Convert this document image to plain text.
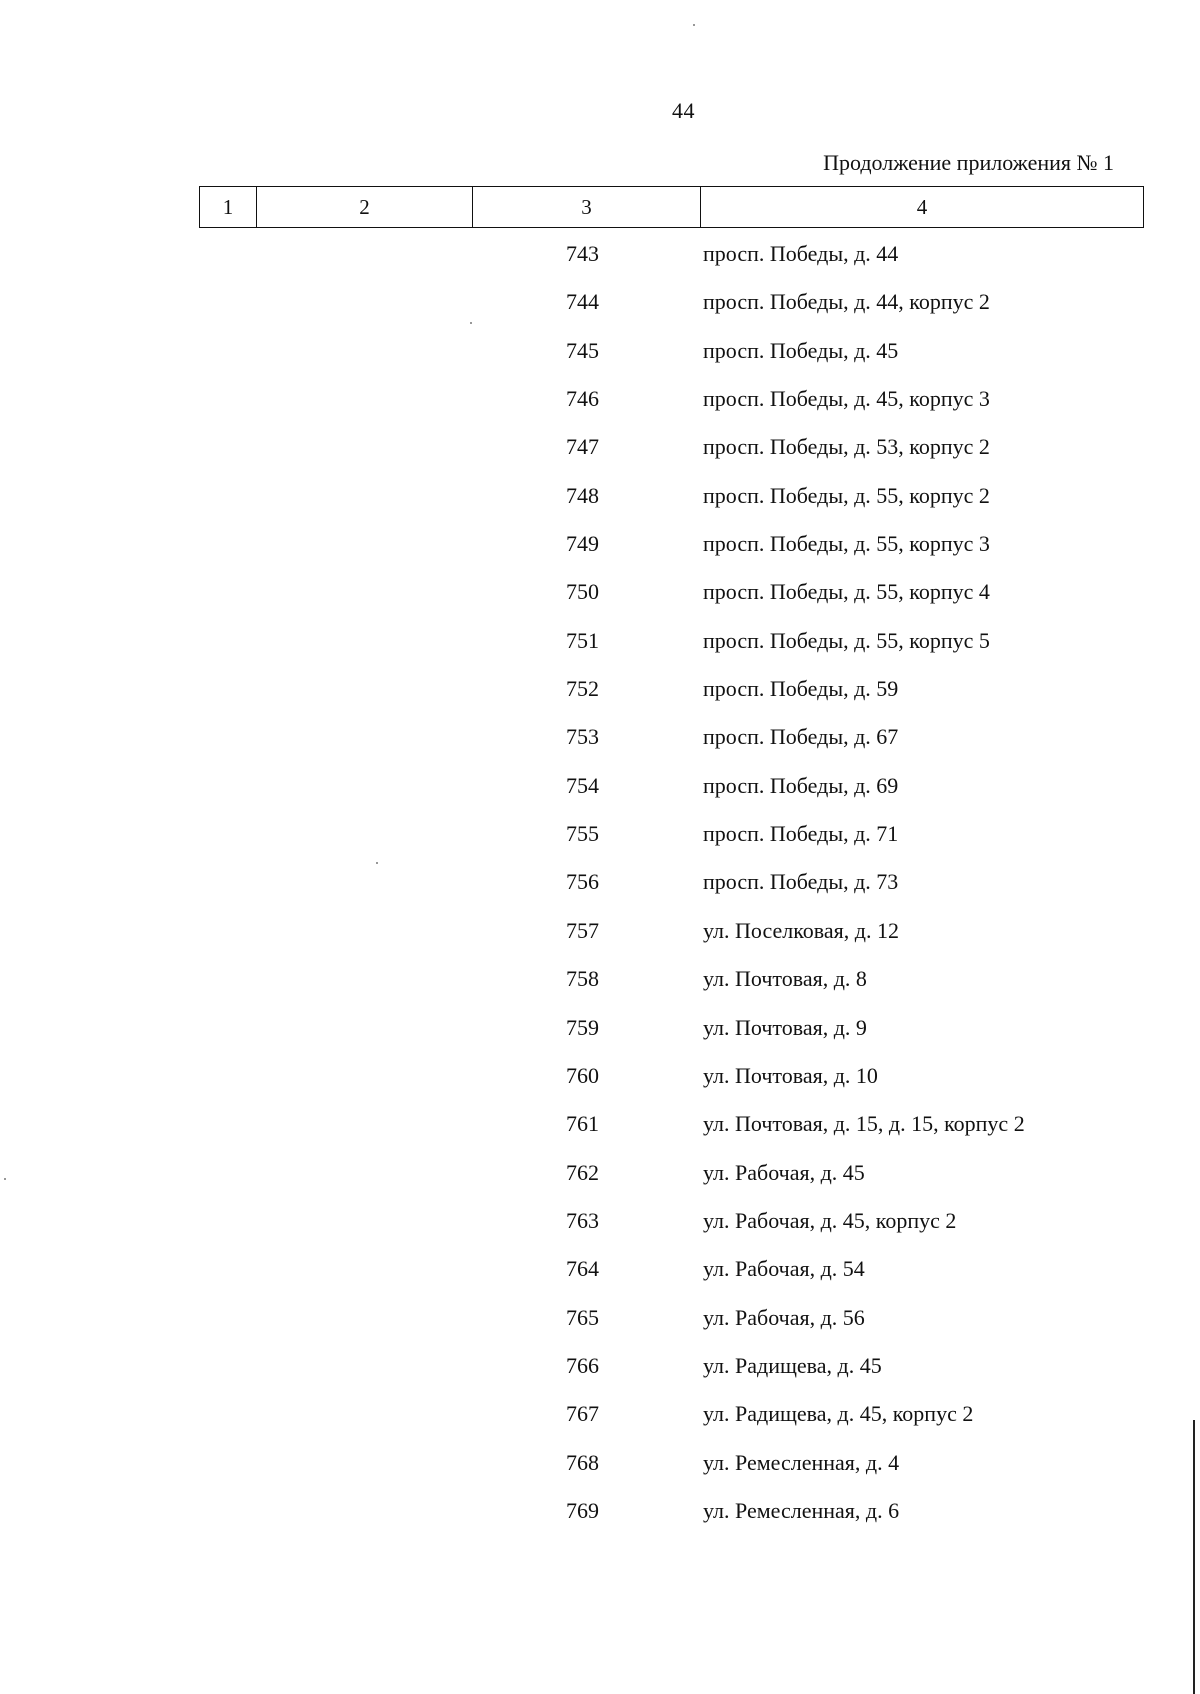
44
Продолжение приложения № 1
1	2	3	4
743	просп. Победы, д. 44
744	просп. Победы, д. 44, корпус 2
745	просп. Победы, д. 45
746	просп. Победы, д. 45, корпус 3
747	просп. Победы, д. 53, корпус 2
748	просп. Победы, д. 55, корпус 2
749	просп. Победы, д. 55, корпус 3
750	просп. Победы, д. 55, корпус 4
751	просп. Победы, д. 55, корпус 5
752	просп. Победы, д. 59
753	просп. Победы, д. 67
754	просп. Победы, д. 69
755	просп. Победы, д. 71
756	просп. Победы, д. 73
757	ул. Поселковая, д. 12
758	ул. Почтовая, д. 8
759	ул. Почтовая, д. 9
760	ул. Почтовая, д. 10
761	ул. Почтовая, д. 15, д. 15, корпус 2
762	ул. Рабочая, д. 45
763	ул. Рабочая, д. 45, корпус 2
764	ул. Рабочая, д. 54
765	ул. Рабочая, д. 56
766	ул. Радищева, д. 45
767	ул. Радищева, д. 45, корпус 2
768	ул. Ремесленная, д. 4
769	ул. Ремесленная, д. 6
